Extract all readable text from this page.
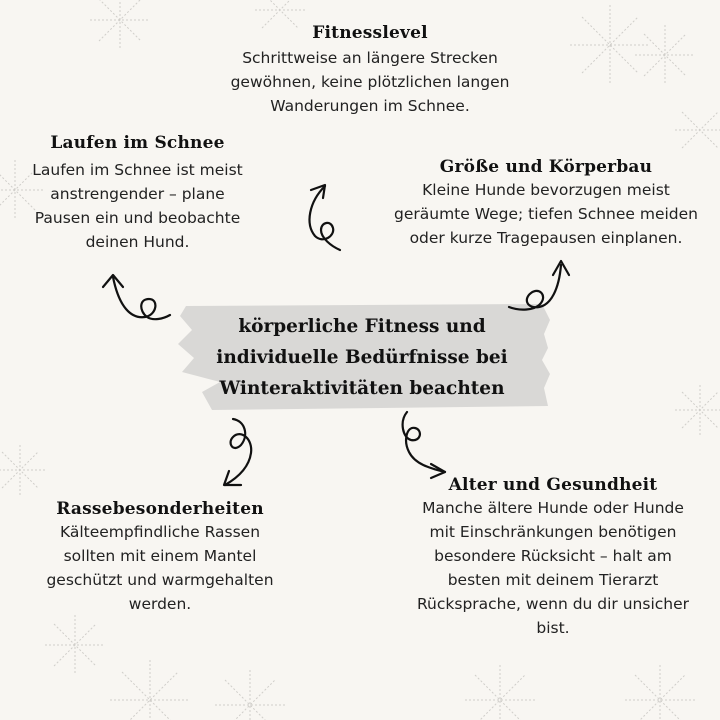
körperliche Fitness und
individuelle Bedürfnisse bei
Winteraktivitäten beachten
Fitnesslevel
Schrittweise an längere Strecken
gewöhnen, keine plötzlichen langen
Wanderungen im Schnee.
Laufen im Schnee
Laufen im Schnee ist meist
anstrengender – plane
Pausen ein und beobachte
deinen Hund.
Größe und Körperbau
Kleine Hunde bevorzugen meist
geräumte Wege; tiefen Schnee meiden
oder kurze Tragepausen einplanen.
Rassebesonderheiten
Kälteempfindliche Rassen
sollten mit einem Mantel
geschützt und warmgehalten
werden.
Alter und Gesundheit
Manche ältere Hunde oder Hunde
mit Einschränkungen benötigen
besondere Rücksicht – halt am
besten mit deinem Tierarzt
Rücksprache, wenn du dir unsicher
bist.
